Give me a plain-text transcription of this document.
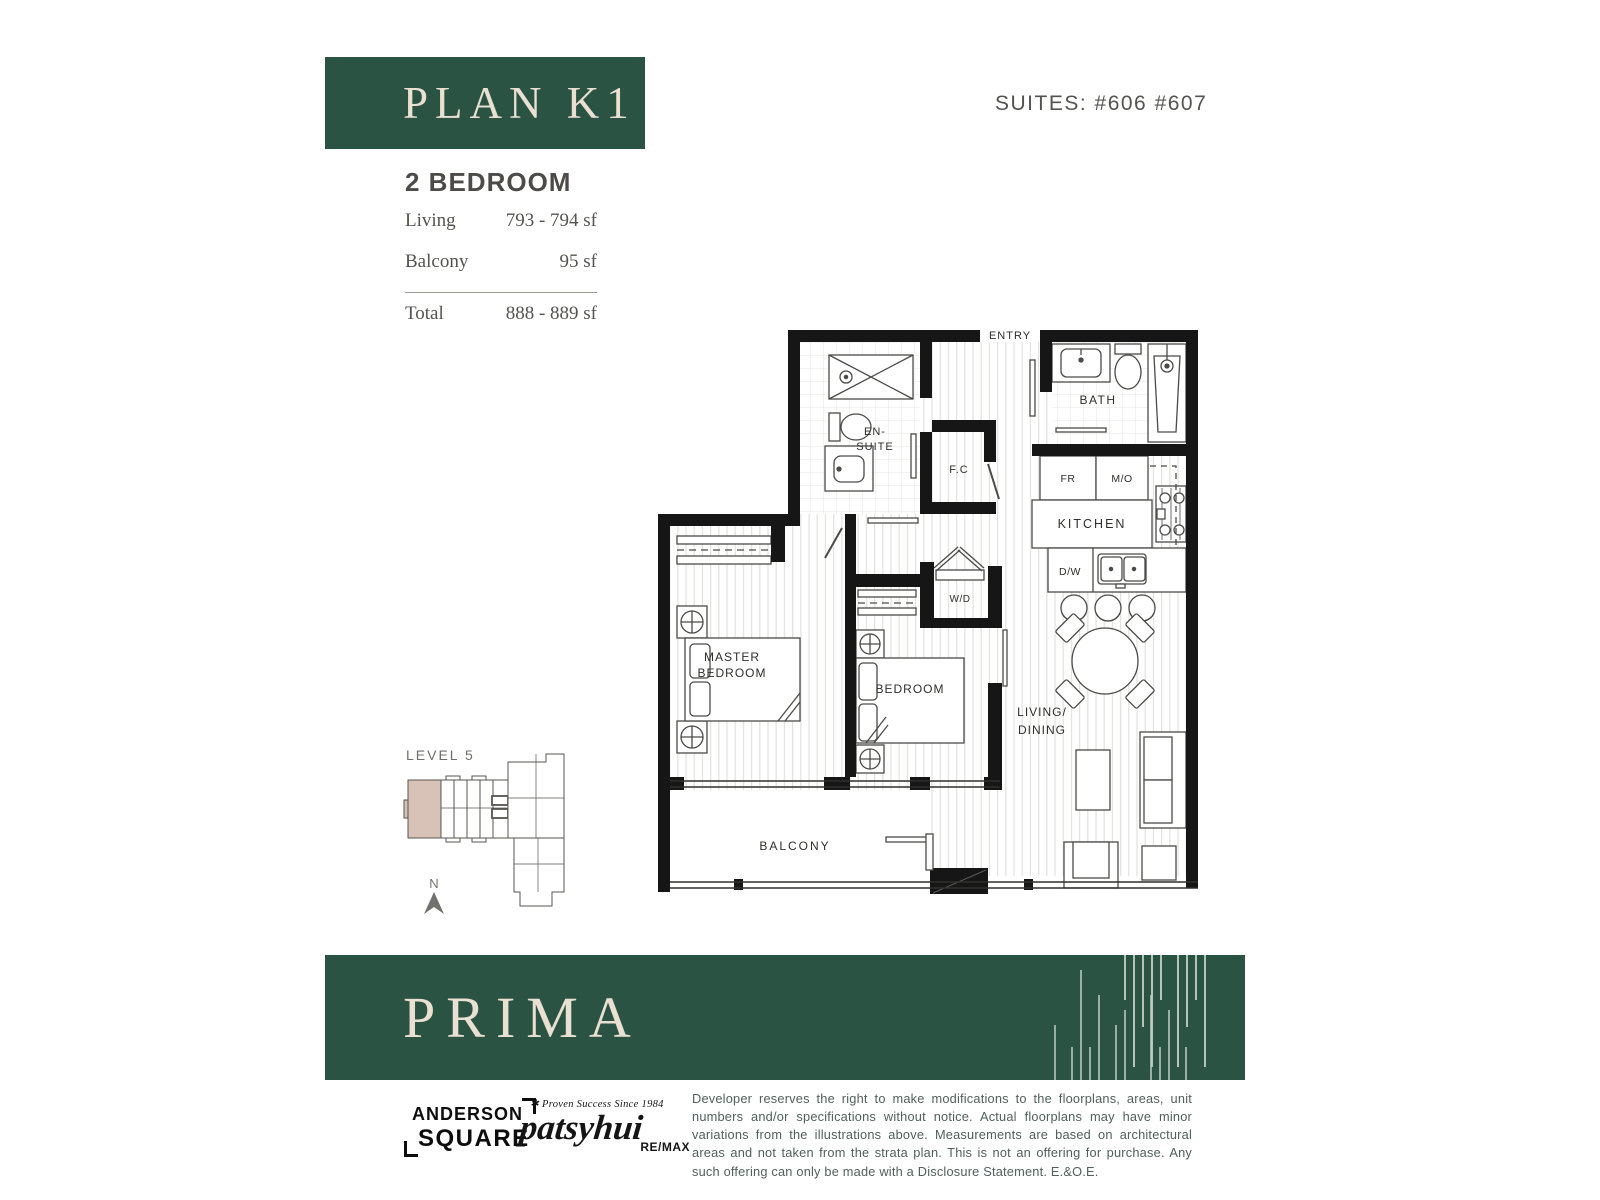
PLAN K1	SUITES: #606 #607
2 BEDROOM
Living	793 - 794 sf
Balcony	95 sf
Total	888 - 889 sf
ENTRY
BATH
EN-
SUITE
F.C
FR	M/O
KITCHEN
D/W
W/D
MASTER
BEDROOM
BEDROOM
LIVING/
DINING
BALCONY
LEVEL 5
N
PRIMA
ANDERSON
SQUARE
✱ Proven Success Since 1984
patsyhui
RE/MAX
Developer reserves the right to make modifications to the floorplans, areas, unit numbers and/or specifications without notice. Actual floorplans may have minor variations from the illustrations above. Measurements are based on architectural areas and not taken from the strata plan. This is not an offering for purchase. Any such offering can only be made with a Disclosure Statement. E.&O.E.
